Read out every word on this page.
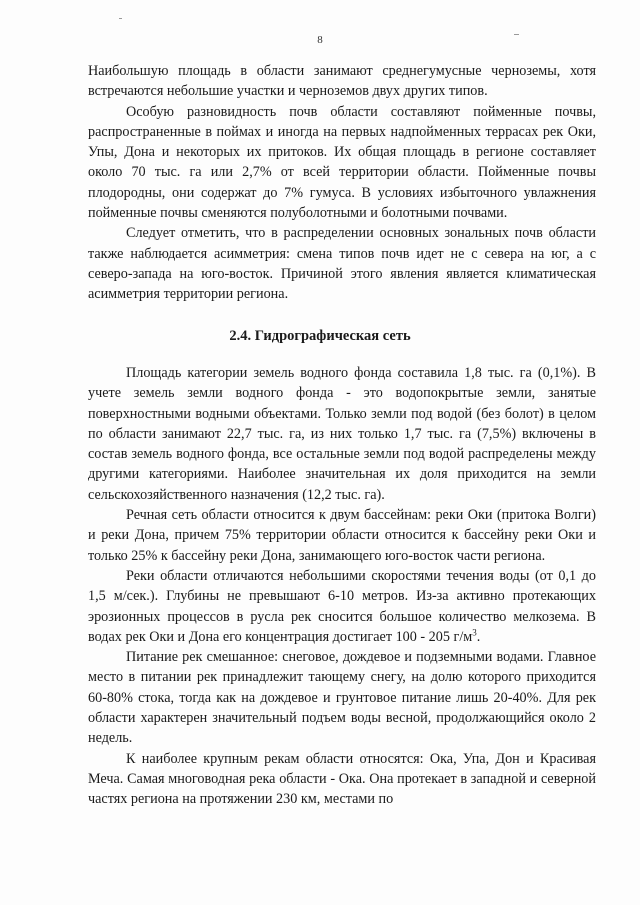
8

Наибольшую площадь в области занимают среднегумусные черноземы, хотя встречаются небольшие участки и черноземов двух других типов.

Особую разновидность почв области составляют пойменные почвы, распространенные в поймах и иногда на первых надпойменных террасах рек Оки, Упы, Дона и некоторых их притоков. Их общая площадь в регионе составляет около 70 тыс. га или 2,7% от всей территории области. Пойменные почвы плодородны, они содержат до 7% гумуса. В условиях избыточного увлажнения пойменные почвы сменяются полуболотными и болотными почвами.

Следует отметить, что в распределении основных зональных почв области также наблюдается асимметрия: смена типов почв идет не с севера на юг, а с северо-запада на юго-восток. Причиной этого явления является климатическая асимметрия территории региона.

2.4. Гидрографическая сеть

Площадь категории земель водного фонда составила 1,8 тыс. га (0,1%). В учете земель земли водного фонда - это водопокрытые земли, занятые поверхностными водными объектами. Только земли под водой (без болот) в целом по области занимают 22,7 тыс. га, из них только 1,7 тыс. га (7,5%) включены в состав земель водного фонда, все остальные земли под водой распределены между другими категориями. Наиболее значительная их доля приходится на земли сельскохозяйственного назначения (12,2 тыс. га).

Речная сеть области относится к двум бассейнам: реки Оки (притока Волги) и реки Дона, причем 75% территории области относится к бассейну реки Оки и только 25% к бассейну реки Дона, занимающего юго-восток части региона.

Реки области отличаются небольшими скоростями течения воды (от 0,1 до 1,5 м/сек.). Глубины не превышают 6-10 метров. Из-за активно протекающих эрозионных процессов в русла рек сносится большое количество мелкозема. В водах рек Оки и Дона его концентрация достигает 100 - 205 $г/м^3$.

Питание рек смешанное: снеговое, дождевое и подземными водами. Главное место в питании рек принадлежит тающему снегу, на долю которого приходится 60-80% стока, тогда как на дождевое и грунтовое питание лишь 20-40%. Для рек области характерен значительный подъем воды весной, продолжающийся около 2 недель.

К наиболее крупным рекам области относятся: Ока, Упа, Дон и Красивая Меча. Самая многоводная река области - Ока. Она протекает в западной и северной частях региона на протяжении 230 км, местами по
